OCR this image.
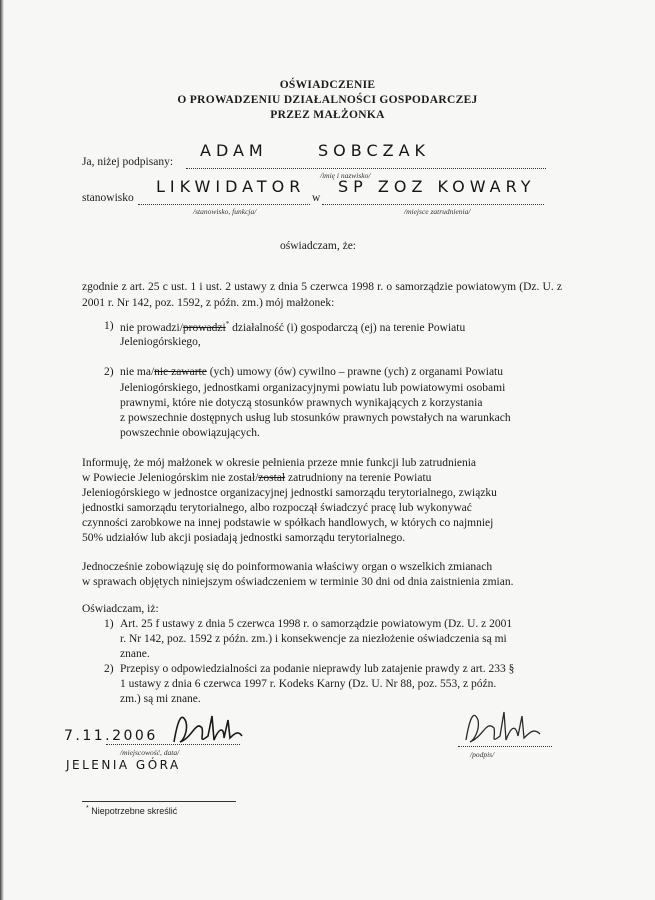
OŚWIADCZENIE
O PROWADZENIU DZIAŁALNOŚCI GOSPODARCZEJ
PRZEZ MAŁŻONKA
Ja, niżej podpisany:
ADAM	SOBCZAK
/imię i nazwisko/
stanowisko
LIKWIDATOR
w
SP ZOZ KOWARY
/stanowisko, funkcja/	/miejsce zatrudnienia/
oświadczam, że:
zgodnie z art. 25 c ust. 1 i ust. 2 ustawy z dnia 5 czerwca 1998 r. o samorządzie powiatowym (Dz. U. z 2001 r. Nr 142, poz. 1592, z późn. zm.) mój małżonek:
1) nie prowadzi/prowadzi* działalność (i) gospodarczą (ej) na terenie Powiatu
Jeleniogórskiego,
2) nie ma/nie zawarte (ych) umowy (ów) cywilno – prawne (ych) z organami Powiatu
Jeleniogórskiego, jednostkami organizacyjnymi powiatu lub powiatowymi osobami
prawnymi, które nie dotyczą stosunków prawnych wynikających z korzystania
z powszechnie dostępnych usług lub stosunków prawnych powstałych na warunkach
powszechnie obowiązujących.
Informuję, że mój małżonek w okresie pełnienia przeze mnie funkcji lub zatrudnienia
w Powiecie Jeleniogórskim nie został/został zatrudniony na terenie Powiatu
Jeleniogórskiego w jednostce organizacyjnej jednostki samorządu terytorialnego, związku
jednostki samorządu terytorialnego, albo rozpoczął świadczyć pracę lub wykonywać
czynności zarobkowe na innej podstawie w spółkach handlowych, w których co najmniej
50% udziałów lub akcji posiadają jednostki samorządu terytorialnego.
Jednocześnie zobowiązuję się do poinformowania właściwy organ o wszelkich zmianach
w sprawach objętych niniejszym oświadczeniem w terminie 30 dni od dnia zaistnienia zmian.
Oświadczam, iż:
1) Art. 25 f ustawy z dnia 5 czerwca 1998 r. o samorządzie powiatowym (Dz. U. z 2001
r. Nr 142, poz. 1592 z późn. zm.) i konsekwencje za niezłożenie oświadczenia są mi
znane.
2) Przepisy o odpowiedzialności za podanie nieprawdy lub zatajenie prawdy z art. 233 §
1 ustawy z dnia 6 czerwca 1997 r. Kodeks Karny (Dz. U. Nr 88, poz. 553, z późn.
zm.) są mi znane.
7.11.2006
/miejscowość, data/
JELENIA GÓRA
/podpis/
* Niepotrzebne skreślić
